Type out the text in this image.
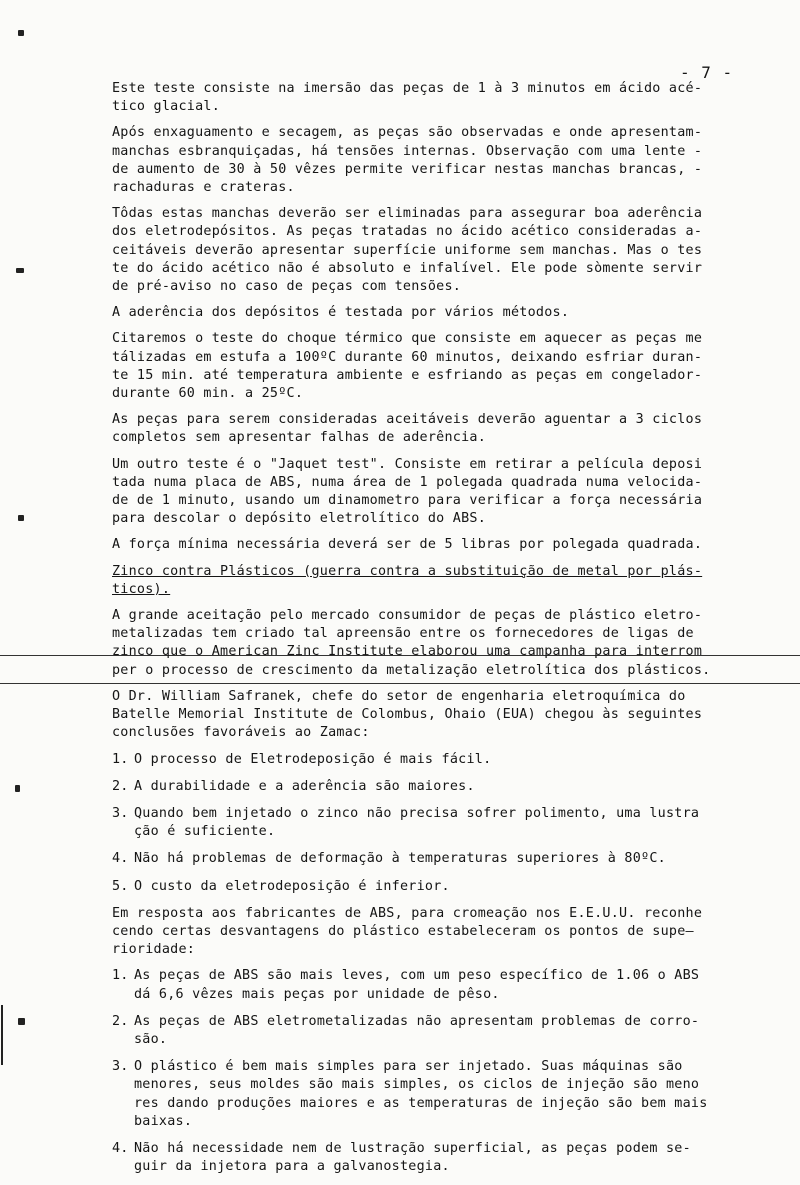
- 7 -
Este teste consiste na imersão das peças de 1 à 3 minutos em ácido acé-
tico glacial.
Após enxaguamento e secagem, as peças são observadas e onde apresentam-
manchas esbranquiçadas, há tensões internas. Observação com uma lente -
de aumento de 30 à 50 vêzes permite verificar nestas manchas brancas, -
rachaduras e crateras.
Tôdas estas manchas deverão ser eliminadas para assegurar boa aderência
dos eletrodepósitos. As peças tratadas no ácido acético consideradas a-
ceitáveis deverão apresentar superfície uniforme sem manchas. Mas o tes
te do ácido acético não é absoluto e infalível. Ele pode sòmente servir
de pré-aviso no caso de peças com tensões.
A aderência dos depósitos é testada por vários métodos.
Citaremos o teste do choque térmico que consiste em aquecer as peças me
tálizadas em estufa a 100ºC durante 60 minutos, deixando esfriar duran-
te 15 min. até temperatura ambiente e esfriando as peças em congelador-
durante 60 min. a 25ºC.
As peças para serem consideradas aceitáveis deverão aguentar a 3 ciclos
completos sem apresentar falhas de aderência.
Um outro teste é o "Jaquet test". Consiste em retirar a película deposi
tada numa placa de ABS, numa área de 1 polegada quadrada numa velocida-
de de 1 minuto, usando um dinamometro para verificar a força necessária
para descolar o depósito eletrolítico do ABS.
A força mínima necessária deverá ser de 5 libras por polegada quadrada.
Zinco contra Plásticos (guerra contra a substituição de metal por plás-
ticos).
A grande aceitação pelo mercado consumidor de peças de plástico eletro-
metalizadas tem criado tal apreensão entre os fornecedores de ligas de
zinco que o American Zinc Institute elaborou uma campanha para interrom
per o processo de crescimento da metalização eletrolítica dos plásticos.
O Dr. William Safranek, chefe do setor de engenharia eletroquímica do
Batelle Memorial Institute de Colombus, Ohaio (EUA) chegou às seguintes
conclusões favoráveis ao Zamac:
1. O processo de Eletrodeposição é mais fácil.
2. A durabilidade e a aderência são maiores.
3. Quando bem injetado o zinco não precisa sofrer polimento, uma lustra
ção é suficiente.
4. Não há problemas de deformação à temperaturas superiores à 80ºC.
5. O custo da eletrodeposição é inferior.
Em resposta aos fabricantes de ABS, para cromeação nos E.E.U.U. reconhe
cendo certas desvantagens do plástico estabeleceram os pontos de supe—
rioridade:
1. As peças de ABS são mais leves, com um peso específico de 1.06 o ABS
dá 6,6 vêzes mais peças por unidade de pêso.
2. As peças de ABS eletrometalizadas não apresentam problemas de corro-
são.
3. O plástico é bem mais simples para ser injetado. Suas máquinas são
menores, seus moldes são mais simples, os ciclos de injeção são meno
res dando produções maiores e as temperaturas de injeção são bem mais
baixas.
4. Não há necessidade nem de lustração superficial, as peças podem se-
guir da injetora para a galvanostegia.
